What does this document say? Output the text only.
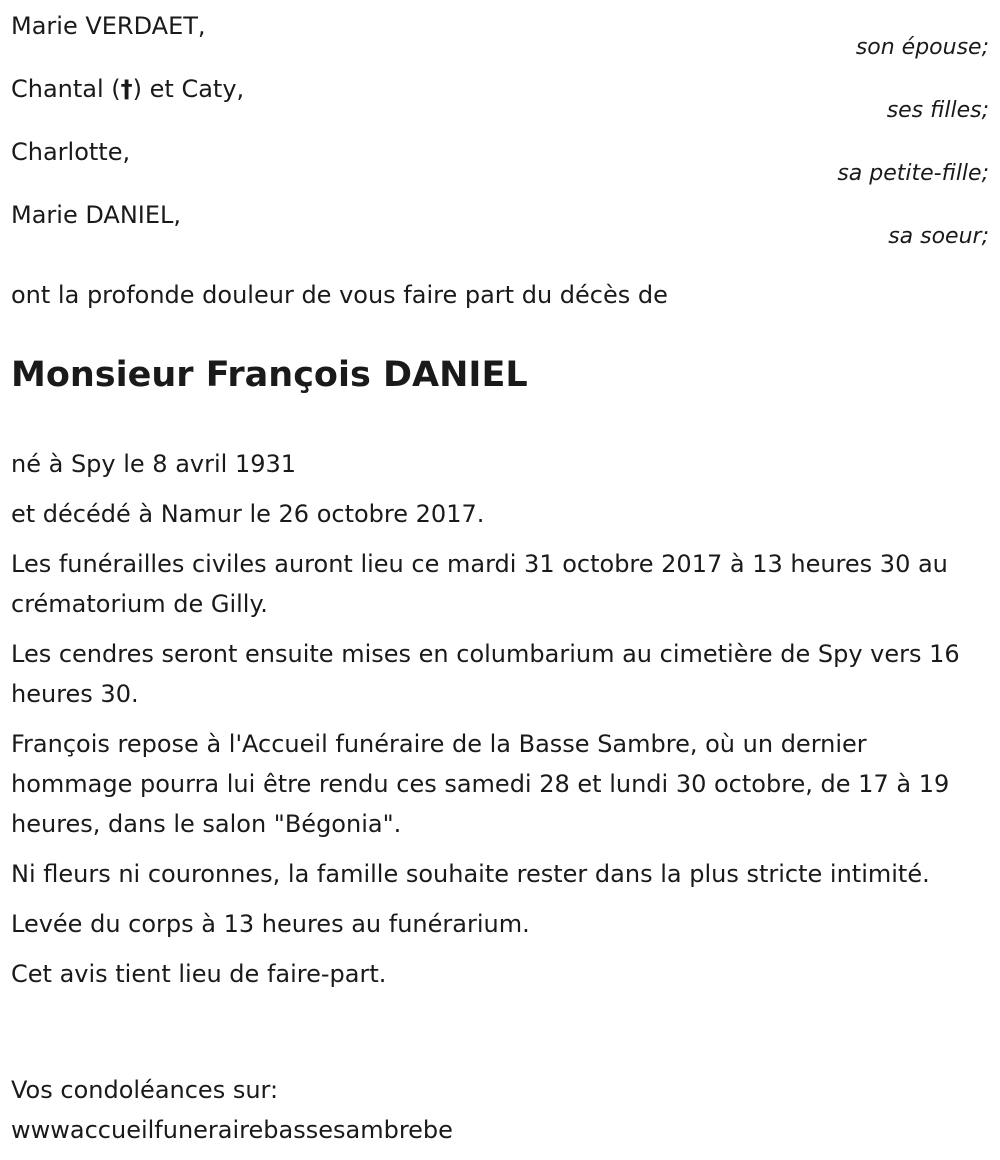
Marie VERDAET,
son épouse;
Chantal (†) et Caty,
ses filles;
Charlotte,
sa petite-fille;
Marie DANIEL,
sa soeur;
ont la profonde douleur de vous faire part du décès de
Monsieur François DANIEL

né à Spy le 8 avril 1931

et décédé à Namur le 26 octobre 2017.

Les funérailles civiles auront lieu ce mardi 31 octobre 2017 à 13 heures 30 au crématorium de Gilly.

Les cendres seront ensuite mises en columbarium au cimetière de Spy vers 16 heures 30.

François repose à l'Accueil funéraire de la Basse Sambre, où un dernier hommage pourra lui être rendu ces samedi 28 et lundi 30 octobre, de 17 à 19 heures, dans le salon "Bégonia".

Ni fleurs ni couronnes, la famille souhaite rester dans la plus stricte intimité.

Levée du corps à 13 heures au funérarium.

Cet avis tient lieu de faire-part.

Vos condoléances sur:
wwwaccueilfunerairebassesambrebe
